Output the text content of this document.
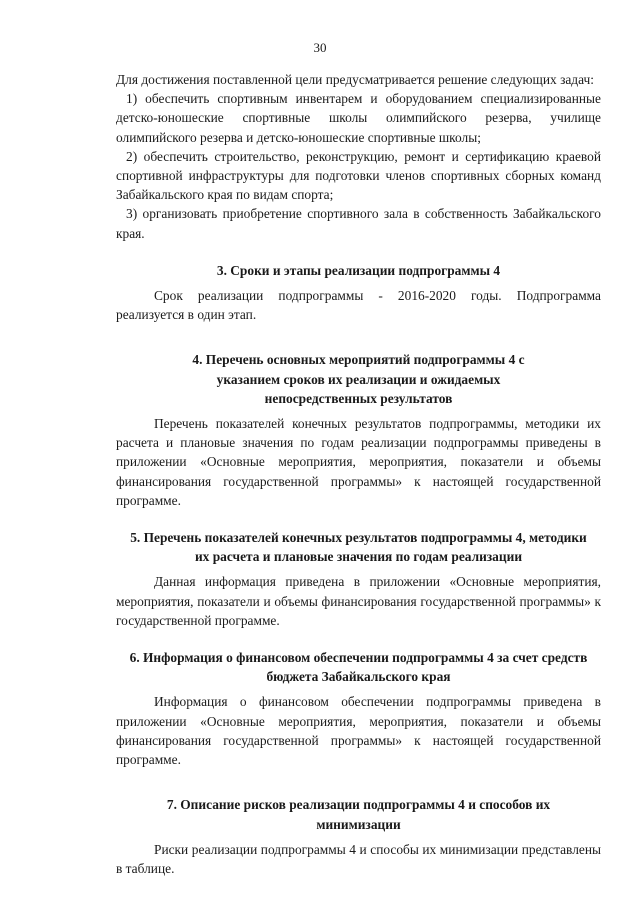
30

Для достижения поставленной цели предусматривается решение следующих задач:

1) обеспечить спортивным инвентарем и оборудованием специализированные детско-юношеские спортивные школы олимпийского резерва, училище олимпийского резерва и детско-юношеские спортивные школы;

2) обеспечить строительство, реконструкцию, ремонт и сертификацию краевой спортивной инфраструктуры для подготовки членов спортивных сборных команд Забайкальского края по видам спорта;

3) организовать приобретение спортивного зала в собственность Забайкальского края.

3. Сроки и этапы реализации подпрограммы 4

Срок реализации подпрограммы - 2016-2020 годы. Подпрограмма реализуется в один этап.

4. Перечень основных мероприятий подпрограммы 4 с указанием сроков их реализации и ожидаемых непосредственных результатов

Перечень показателей конечных результатов подпрограммы, методики их расчета и плановые значения по годам реализации подпрограммы приведены в приложении «Основные мероприятия, мероприятия, показатели и объемы финансирования государственной программы» к настоящей государственной программе.

5. Перечень показателей конечных результатов подпрограммы 4, методики их расчета и плановые значения по годам реализации

Данная информация приведена в приложении «Основные мероприятия, мероприятия, показатели и объемы финансирования государственной программы» к государственной программе.

6. Информация о финансовом обеспечении подпрограммы 4 за счет средств бюджета Забайкальского края

Информация о финансовом обеспечении подпрограммы приведена в приложении «Основные мероприятия, мероприятия, показатели и объемы финансирования государственной программы» к настоящей государственной программе.

7. Описание рисков реализации подпрограммы 4 и способов их минимизации

Риски реализации подпрограммы 4 и способы их минимизации представлены в таблице.
